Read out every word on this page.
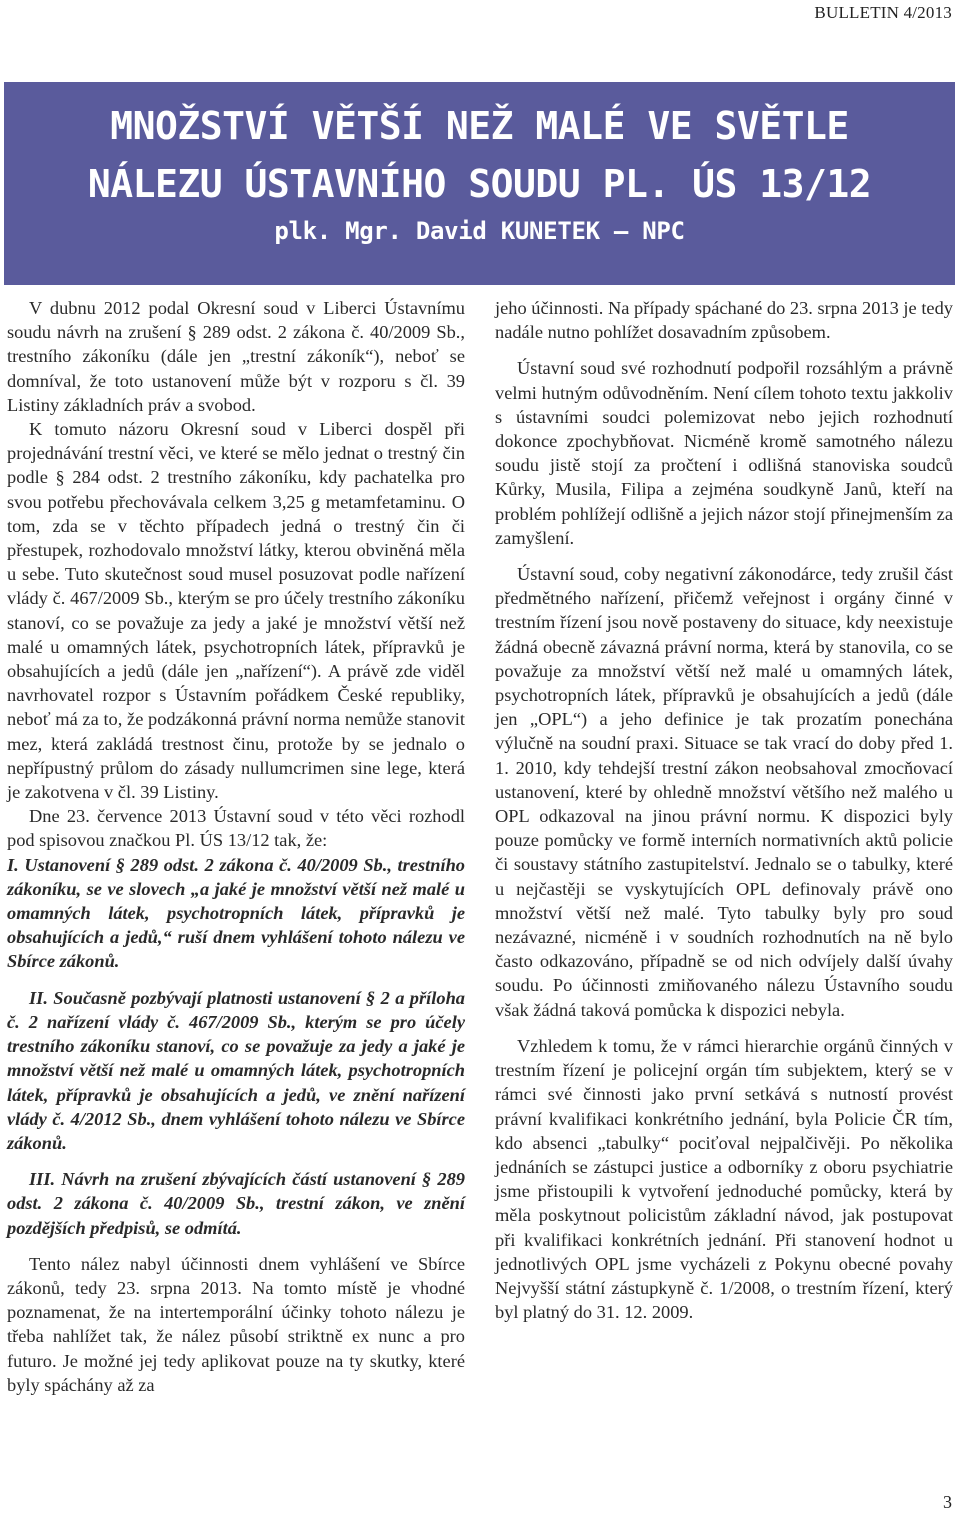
BULLETIN 4/2013
MNOŽSTVÍ VĚTŠÍ NEŽ MALÉ VE SVĚTLE
NÁLEZU ÚSTAVNÍHO SOUDU PL. ÚS 13/12
plk. Mgr. David KUNETEK – NPC

V dubnu 2012 podal Okresní soud v Liberci Ústavnímu soudu návrh na zrušení § 289 odst. 2 zákona č. 40/2009 Sb., trestního zákoníku (dále jen „trestní zákoník“), neboť se domníval, že toto ustanovení může být v rozporu s čl. 39 Listiny základních práv a svobod.

K tomuto názoru Okresní soud v Liberci dospěl při projednávání trestní věci, ve které se mělo jednat o trestný čin podle § 284 odst. 2 trestního zákoníku, kdy pachatelka pro svou potřebu přechovávala celkem 3,25 g metamfetaminu. O tom, zda se v těchto případech jedná o trestný čin či přestupek, rozhodovalo množství látky, kterou obviněná měla u sebe. Tuto skutečnost soud musel posuzovat podle nařízení vlády č. 467/2009 Sb., kterým se pro účely trestního zákoníku stanoví, co se považuje za jedy a jaké je množství větší než malé u omamných látek, psychotropních látek, přípravků je obsahujících a jedů (dále jen „nařízení“). A právě zde viděl navrhovatel rozpor s Ústavním pořádkem České republiky, neboť má za to, že podzákonná právní norma nemůže stanovit mez, která zakládá trestnost činu, protože by se jednalo o nepřípustný průlom do zásady nullumcrimen sine lege, která je zakotvena v čl. 39 Listiny.

Dne 23. července 2013 Ústavní soud v této věci rozhodl pod spisovou značkou Pl. ÚS 13/12 tak, že:

I. Ustanovení § 289 odst. 2 zákona č. 40/2009 Sb., trestního zákoníku, se ve slovech „a jaké je množství větší než malé u omamných látek, psychotropních látek, přípravků je obsahujících a jedů,“ ruší dnem vyhlášení tohoto nálezu ve Sbírce zákonů.

II. Současně pozbývají platnosti ustanovení § 2 a příloha č. 2 nařízení vlády č. 467/2009 Sb., kterým se pro účely trestního zákoníku stanoví, co se považuje za jedy a jaké je množství větší než malé u omamných látek, psychotropních látek, přípravků je obsahujících a jedů, ve znění nařízení vlády č. 4/2012 Sb., dnem vyhlášení tohoto nálezu ve Sbírce zákonů.

III. Návrh na zrušení zbývajících částí ustanovení § 289 odst. 2 zákona č. 40/2009 Sb., trestní zákon, ve znění pozdějších předpisů, se odmítá.

Tento nález nabyl účinnosti dnem vyhlášení ve Sbírce zákonů, tedy 23. srpna 2013. Na tomto místě je vhodné poznamenat, že na intertemporální účinky tohoto nálezu je třeba nahlížet tak, že nález působí striktně ex nunc a pro futuro. Je možné jej tedy aplikovat pouze na ty skutky, které byly spáchány až za

jeho účinnosti. Na případy spáchané do 23. srpna 2013 je tedy nadále nutno pohlížet dosavadním způsobem.

Ústavní soud své rozhodnutí podpořil rozsáhlým a právně velmi hutným odůvodněním. Není cílem tohoto textu jakkoliv s ústavními soudci polemizovat nebo jejich rozhodnutí dokonce zpochybňovat. Nicméně kromě samotného nálezu soudu jistě stojí za pročtení i odlišná stanoviska soudců Kůrky, Musila, Filipa a zejména soudkyně Janů, kteří na problém pohlížejí odlišně a jejich názor stojí přinejmenším za zamyšlení.

Ústavní soud, coby negativní zákonodárce, tedy zrušil část předmětného nařízení, přičemž veřejnost i orgány činné v trestním řízení jsou nově postaveny do situace, kdy neexistuje žádná obecně závazná právní norma, která by stanovila, co se považuje za množství větší než malé u omamných látek, psychotropních látek, přípravků je obsahujících a jedů (dále jen „OPL“) a jeho definice je tak prozatím ponechána výlučně na soudní praxi. Situace se tak vrací do doby před 1. 1. 2010, kdy tehdejší trestní zákon neobsahoval zmocňovací ustanovení, které by ohledně množství většího než malého u OPL odkazoval na jinou právní normu. K dispozici byly pouze pomůcky ve formě interních normativních aktů policie či soustavy státního zastupitelství. Jednalo se o tabulky, které u nejčastěji se vyskytujících OPL definovaly právě ono množství větší než malé. Tyto tabulky byly pro soud nezávazné, nicméně i v soudních rozhodnutích na ně bylo často odkazováno, případně se od nich odvíjely další úvahy soudu. Po účinnosti zmiňovaného nálezu Ústavního soudu však žádná taková pomůcka k dispozici nebyla.

Vzhledem k tomu, že v rámci hierarchie orgánů činných v trestním řízení je policejní orgán tím subjektem, který se v rámci své činnosti jako první setkává s nutností provést právní kvalifikaci konkrétního jednání, byla Policie ČR tím, kdo absenci „tabulky“ pociťoval nejpalčivěji. Po několika jednáních se zástupci justice a odborníky z oboru psychiatrie jsme přistoupili k vytvoření jednoduché pomůcky, která by měla poskytnout policistům základní návod, jak postupovat při kvalifikaci konkrétních jednání. Při stanovení hodnot u jednotlivých OPL jsme vycházeli z Pokynu obecné povahy Nejvyšší státní zástupkyně č. 1/2008, o trestním řízení, který byl platný do 31. 12. 2009.

3
